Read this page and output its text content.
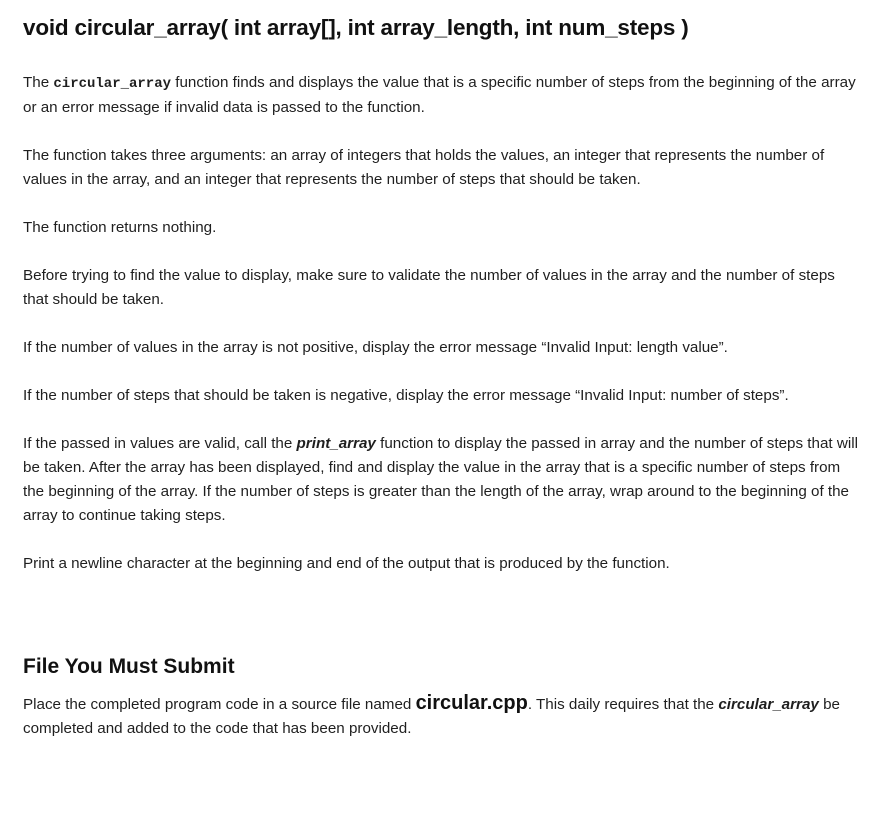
void circular_array( int array[], int array_length, int num_steps )

The circular_array function finds and displays the value that is a specific number of steps from the beginning of the array or an error message if invalid data is passed to the function.

The function takes three arguments: an array of integers that holds the values, an integer that represents the number of values in the array, and an integer that represents the number of steps that should be taken.

The function returns nothing.

Before trying to find the value to display, make sure to validate the number of values in the array and the number of steps that should be taken.

If the number of values in the array is not positive, display the error message “Invalid Input: length value”.

If the number of steps that should be taken is negative, display the error message “Invalid Input: number of steps”.

If the passed in values are valid, call the print_array function to display the passed in array and the number of steps that will be taken. After the array has been displayed, find and display the value in the array that is a specific number of steps from the beginning of the array. If the number of steps is greater than the length of the array, wrap around to the beginning of the array to continue taking steps.

Print a newline character at the beginning and end of the output that is produced by the function.

File You Must Submit

Place the completed program code in a source file named circular.cpp. This daily requires that the circular_array be completed and added to the code that has been provided.
